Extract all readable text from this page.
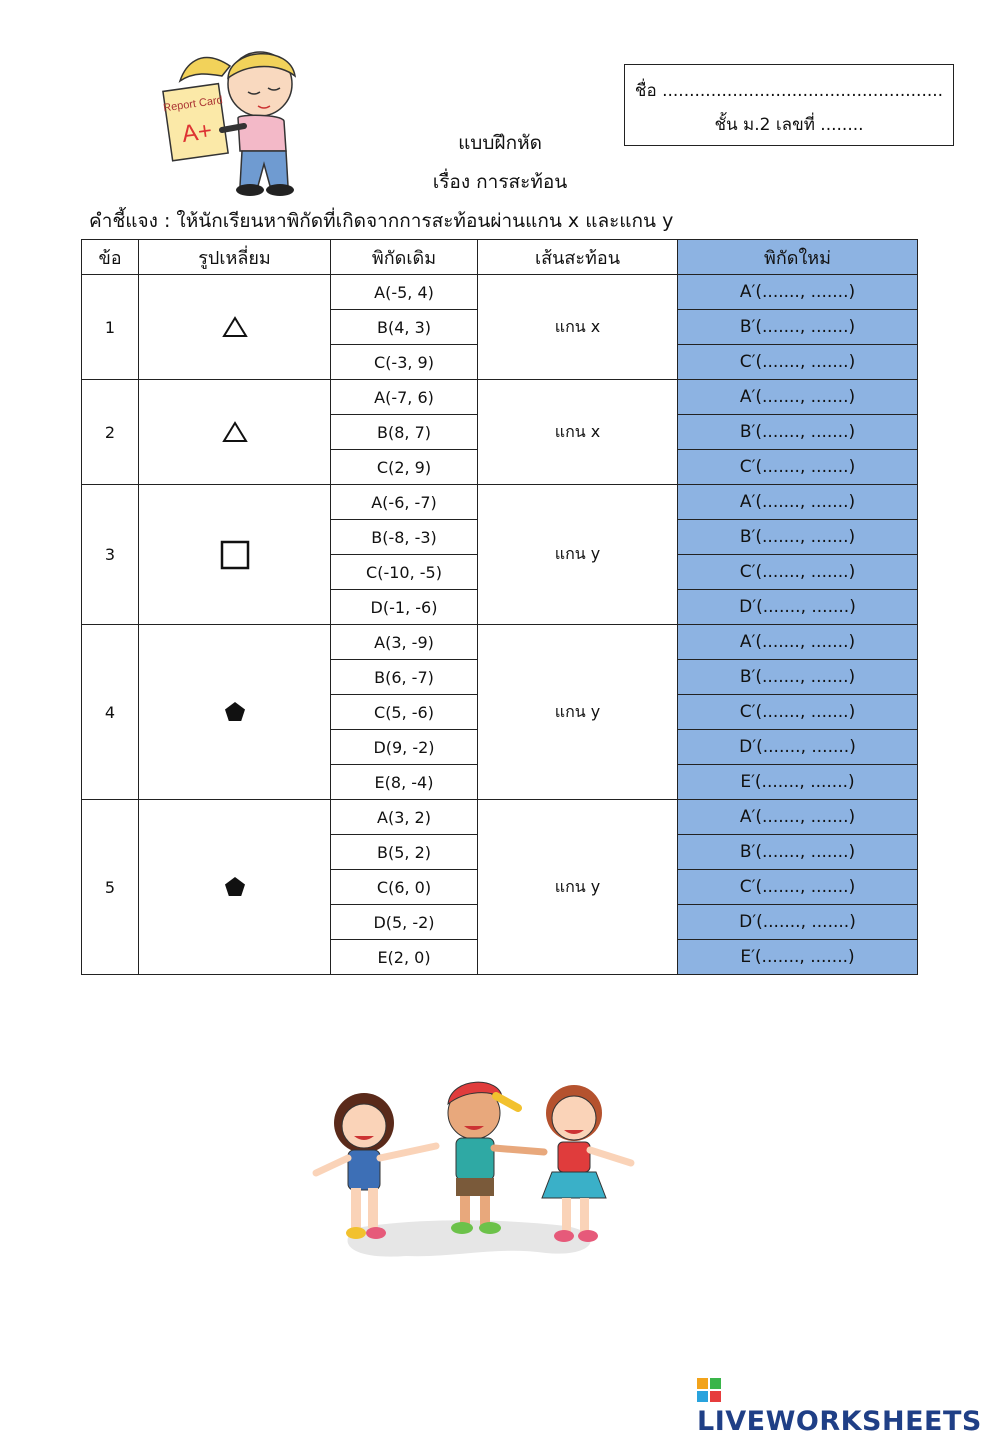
Report Card
A+
ชื่อ ....................................................
ชั้น ม.2 เลขที่ ........
แบบฝึกหัด
เรื่อง การสะท้อน
คำชี้แจง : ให้นักเรียนหาพิกัดที่เกิดจากการสะท้อนผ่านแกน x และแกน y
ข้อ	รูปเหลี่ยม	พิกัดเดิม	เส้นสะท้อน	พิกัดใหม่
1		A(-5, 4)	แกน x	A′(......., .......)
		B(4, 3)		B′(......., .......)
		C(-3, 9)		C′(......., .......)
2		A(-7, 6)	แกน x	A′(......., .......)
		B(8, 7)		B′(......., .......)
		C(2, 9)		C′(......., .......)
3		A(-6, -7)	แกน y	A′(......., .......)
		B(-8, -3)		B′(......., .......)
		C(-10, -5)		C′(......., .......)
		D(-1, -6)		D′(......., .......)
4		A(3, -9)	แกน y	A′(......., .......)
		B(6, -7)		B′(......., .......)
		C(5, -6)		C′(......., .......)
		D(9, -2)		D′(......., .......)
		E(8, -4)		E′(......., .......)
5		A(3, 2)	แกน y	A′(......., .......)
		B(5, 2)		B′(......., .......)
		C(6, 0)		C′(......., .......)
		D(5, -2)		D′(......., .......)
		E(2, 0)		E′(......., .......)
LIVEWORKSHEETS
